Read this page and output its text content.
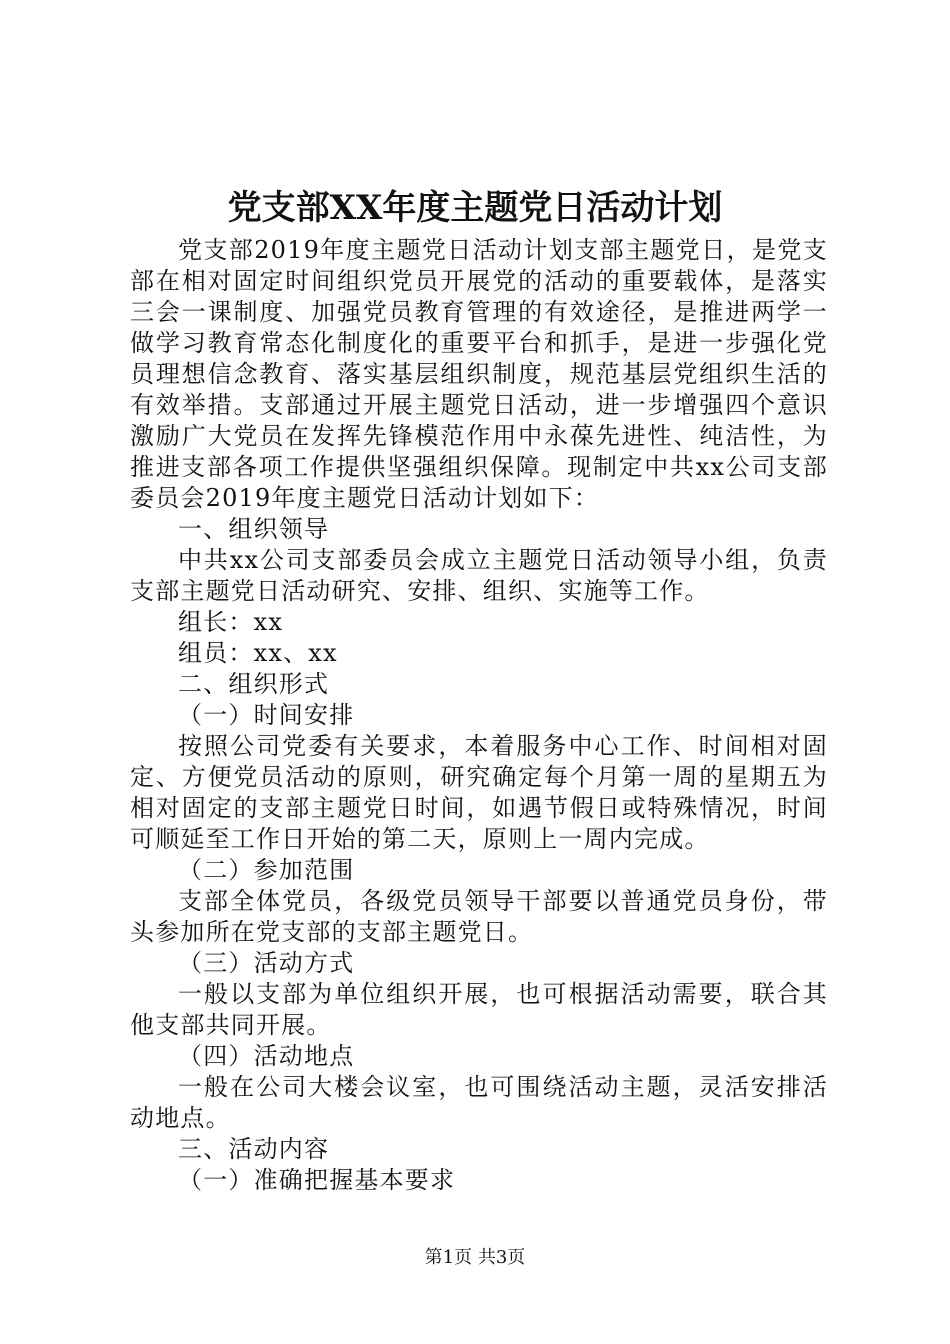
党支部XX年度主题党日活动计划

党支部2019年度主题党日活动计划支部主题党日，是党支部在相对固定时间组织党员开展党的活动的重要载体，是落实三会一课制度、加强党员教育管理的有效途径，是推进两学一做学习教育常态化制度化的重要平台和抓手，是进一步强化党员理想信念教育、落实基层组织制度，规范基层党组织生活的有效举措。支部通过开展主题党日活动，进一步增强四个意识激励广大党员在发挥先锋模范作用中永葆先进性、纯洁性，为推进支部各项工作提供坚强组织保障。现制定中共xx公司支部委员会2019年度主题党日活动计划如下：

一、组织领导

中共xx公司支部委员会成立主题党日活动领导小组，负责支部主题党日活动研究、安排、组织、实施等工作。

组长：xx

组员：xx、xx

二、组织形式

（一）时间安排

按照公司党委有关要求，本着服务中心工作、时间相对固定、方便党员活动的原则，研究确定每个月第一周的星期五为相对固定的支部主题党日时间，如遇节假日或特殊情况，时间可顺延至工作日开始的第二天，原则上一周内完成。

（二）参加范围

支部全体党员，各级党员领导干部要以普通党员身份，带头参加所在党支部的支部主题党日。

（三）活动方式

一般以支部为单位组织开展，也可根据活动需要，联合其他支部共同开展。

（四）活动地点

一般在公司大楼会议室，也可围绕活动主题，灵活安排活动地点。

三、活动内容

（一）准确把握基本要求

第1页 共3页
